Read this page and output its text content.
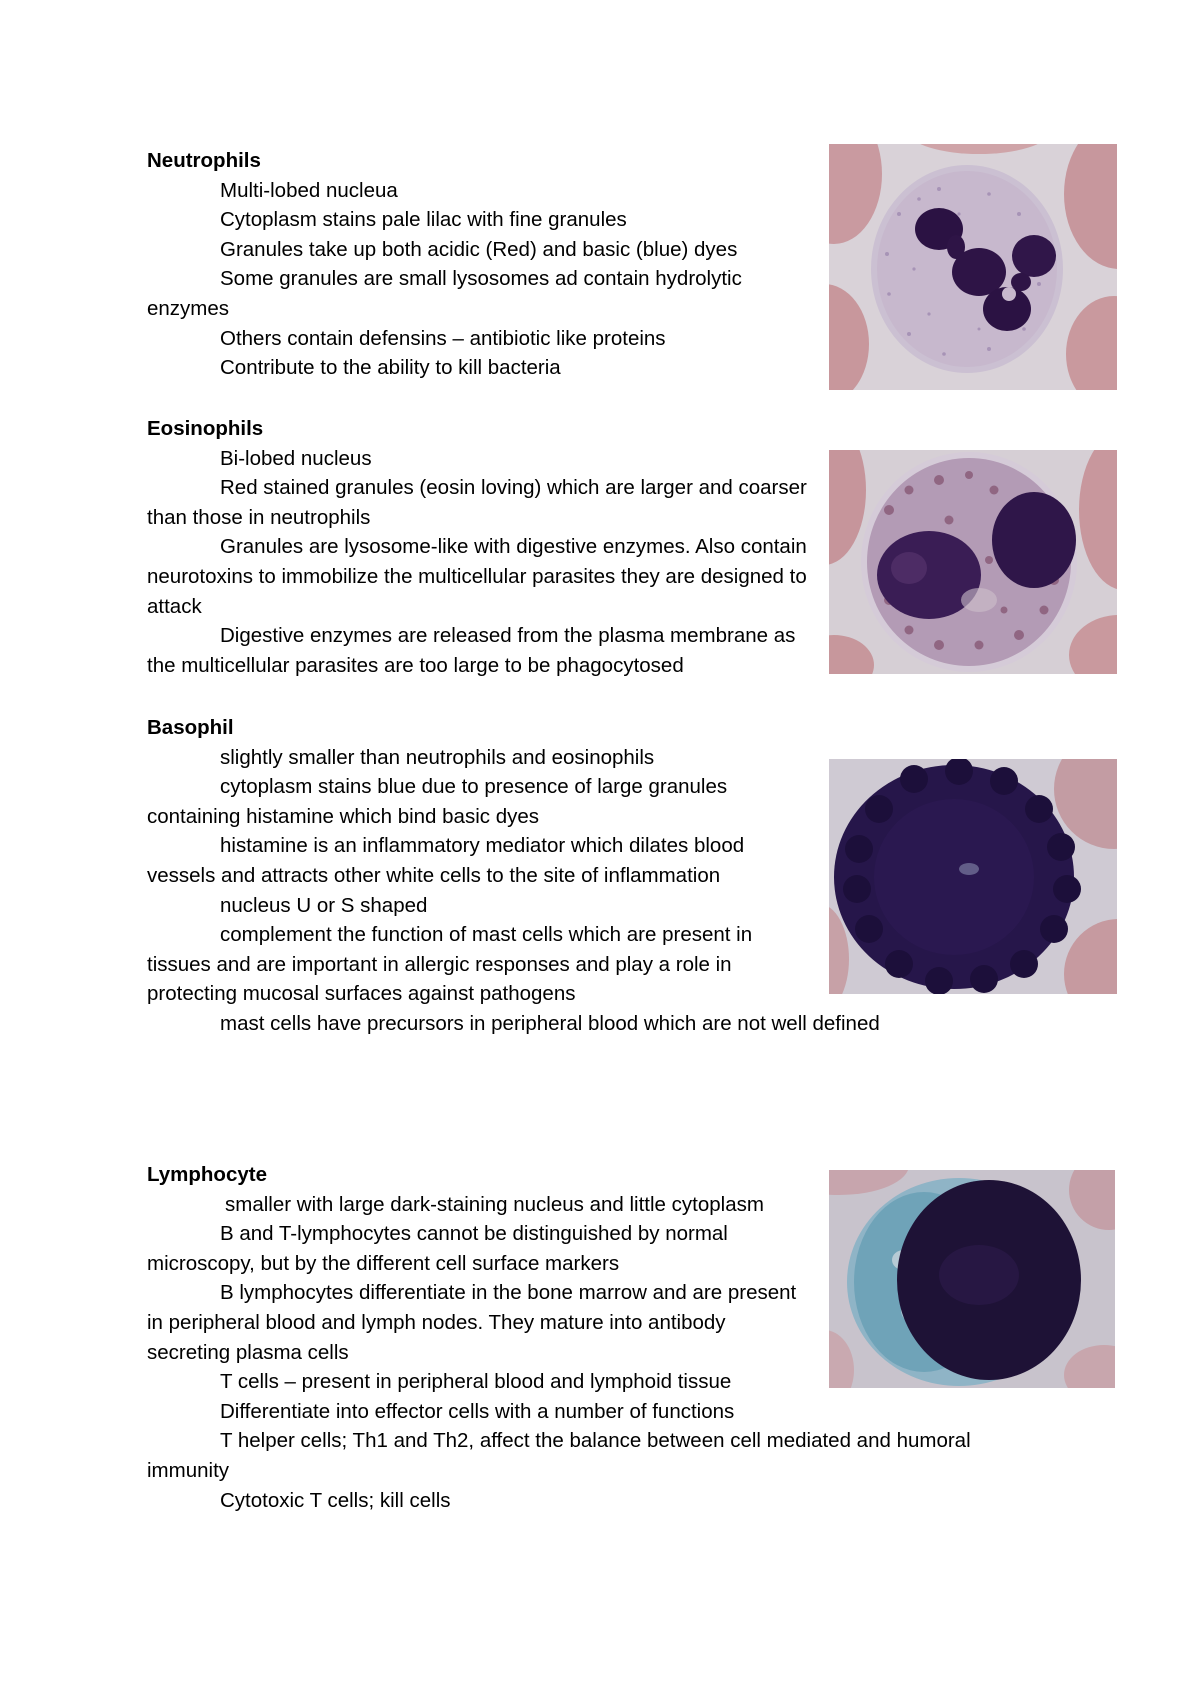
Neutrophils
Multi-lobed nucleua
Cytoplasm stains pale lilac with fine granules
Granules take up both acidic (Red) and basic (blue) dyes
Some granules are small lysosomes ad contain hydrolytic enzymes
Others contain defensins – antibiotic like proteins
Contribute to the ability to kill bacteria
Eosinophils
Bi-lobed nucleus
Red stained granules (eosin loving) which are larger and coarser than those in neutrophils
Granules are lysosome-like with digestive enzymes. Also contain neurotoxins to immobilize the multicellular parasites they are designed to attack
Digestive enzymes are released from the plasma membrane as the multicellular parasites are too large to be phagocytosed
Basophil
slightly smaller than neutrophils and eosinophils
cytoplasm stains blue due to presence of large granules containing histamine which bind basic dyes
histamine is an inflammatory mediator which dilates blood vessels and attracts other white cells to the site of inflammation
nucleus U or S shaped
complement the function of mast cells which are present in tissues and are important in allergic responses and play a role in protecting mucosal surfaces against pathogens
mast cells have precursors in peripheral blood which are not well defined
Lymphocyte
smaller with large dark-staining nucleus and little cytoplasm
B and T-lymphocytes cannot be distinguished by normal microscopy, but by the different cell surface markers
B lymphocytes differentiate in the bone marrow and are present in peripheral blood and lymph nodes. They mature into antibody secreting plasma cells
T cells – present in peripheral blood and lymphoid tissue
Differentiate into effector cells with a number of functions
T helper cells; Th1 and Th2, affect the balance between cell mediated and humoral immunity
Cytotoxic T cells; kill cells
